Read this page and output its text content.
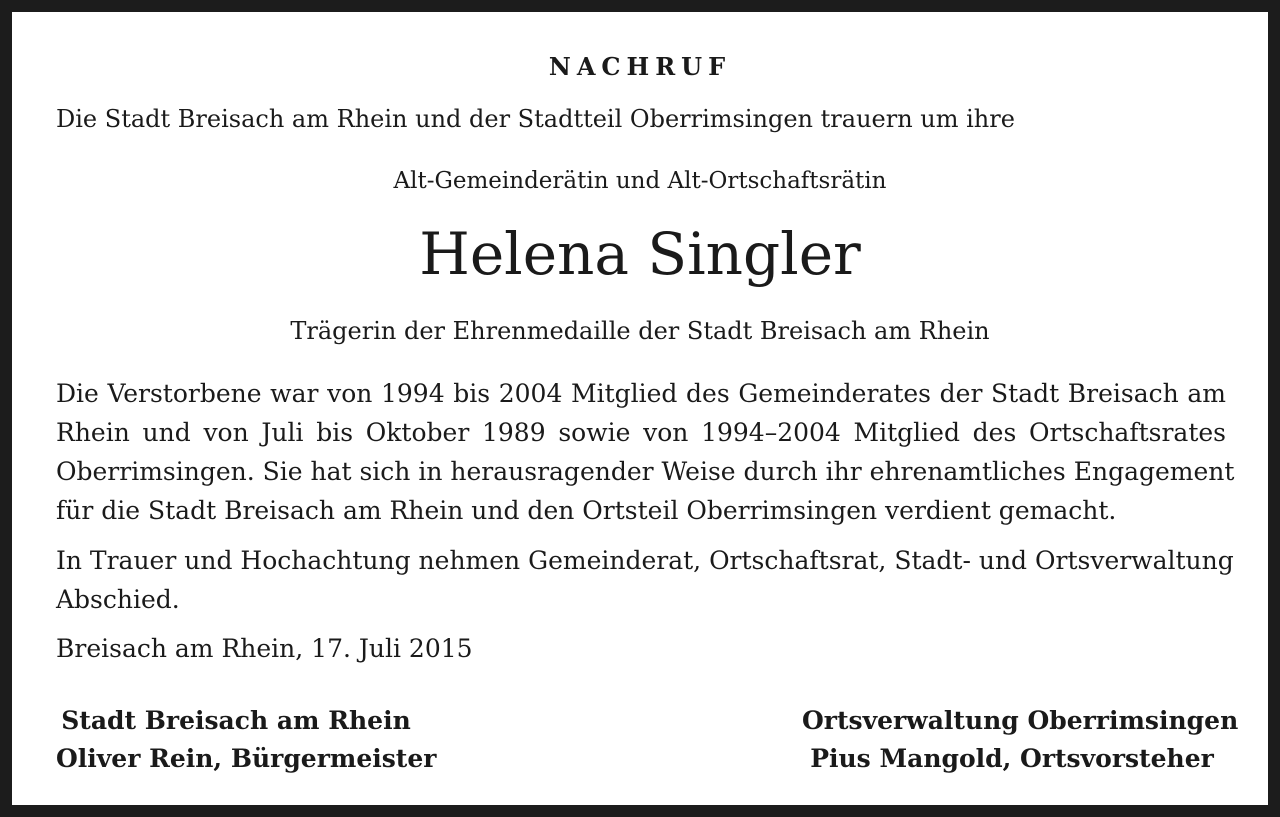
NACHRUF
Die Stadt Breisach am Rhein und der Stadtteil Oberrimsingen trauern um ihre
Alt-Gemeinderätin und Alt-Ortschaftsrätin
Helena Singler
Trägerin der Ehrenmedaille der Stadt Breisach am Rhein
Die Verstorbene war von 1994 bis 2004 Mitglied des Gemeinderates der Stadt Breisach am
Rhein und von Juli bis Oktober 1989 sowie von 1994–2004 Mitglied des Ortschaftsrates
Oberrimsingen. Sie hat sich in herausragender Weise durch ihr ehrenamtliches Engagement
für die Stadt Breisach am Rhein und den Ortsteil Oberrimsingen verdient gemacht.
In Trauer und Hochachtung nehmen Gemeinderat, Ortschaftsrat, Stadt- und Ortsverwaltung
Abschied.
Breisach am Rhein, 17. Juli 2015
Stadt Breisach am Rhein
Oliver Rein, Bürgermeister
Ortsverwaltung Oberrimsingen
Pius Mangold, Ortsvorsteher
